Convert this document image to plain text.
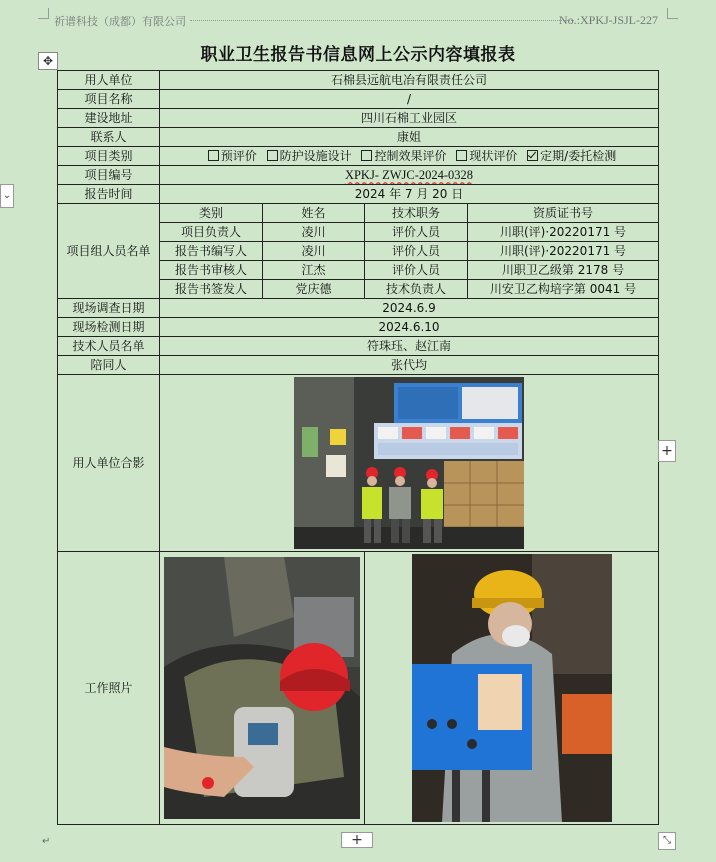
祈谱科技（成都）有限公司	No.:XPKJ-JSJL-227
✥
⌄
职业卫生报告书信息网上公示内容填报表
用人单位	石棉县远航电冶有限责任公司			
项目名称	/			
建设地址	四川石棉工业园区			
联系人	康姐			
项目类别	预评价 防护设施设计 控制效果评价 现状评价 定期/委托检测			
项目编号	XPKJ- ZWJC-2024-0328			
报告时间	2024 年 7 月 20 日			
项目组人员名单	类别	姓名	技术职务	资质证书号
	项目负责人	凌川	评价人员	川职(评)·20220171 号
	报告书编写人	凌川	评价人员	川职(评)·20220171 号
	报告书审核人	江杰	评价人员	川职卫乙级第 2178 号
	报告书签发人	党庆德	技术负责人	川安卫乙构培字第 0041 号
现场调查日期	2024.6.9			
现场检测日期	2024.6.10			
技术人员名单	符珠珏、赵江南			
陪同人	张代均			
用人单位合影	

工作照片	

+
+	⤡
↵
